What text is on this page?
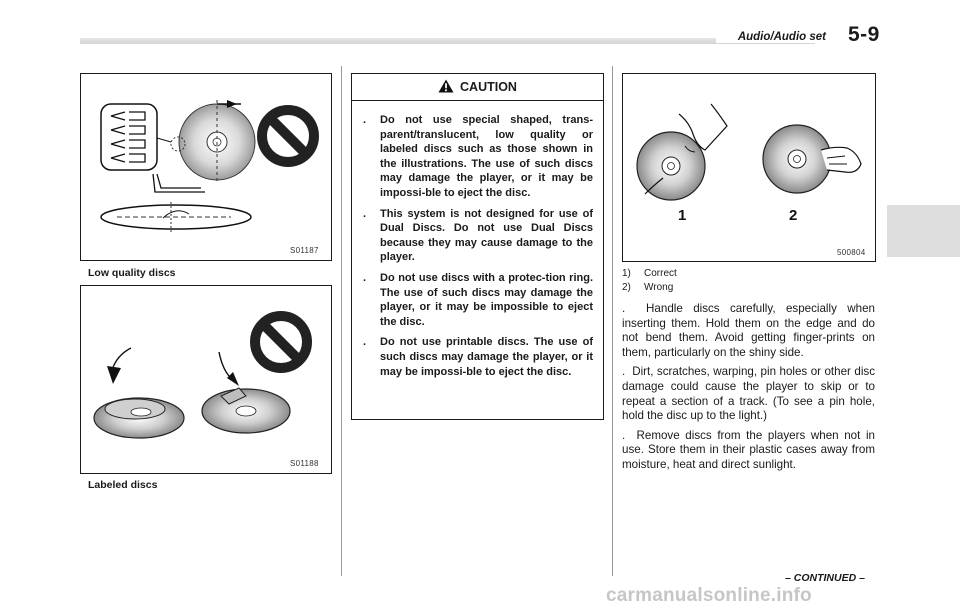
Audio/Audio set 5-9
S01187
Low quality discs
S01188
Labeled discs
CAUTION
. Do not use special shaped, trans-parent/translucent, low quality or labeled discs such as those shown in the illustrations. The use of such discs may damage the player, or it may be impossi-ble to eject the disc.
. This system is not designed for use of Dual Discs. Do not use Dual Discs because they may cause damage to the player.
. Do not use discs with a protec-tion ring. The use of such discs may damage the player, or it may be impossible to eject the disc.
. Do not use printable discs. The use of such discs may damage the player, or it may be impossi-ble to eject the disc.
1	2
500804
1) Correct
2) Wrong

. Handle discs carefully, especially when inserting them. Hold them on the edge and do not bend them. Avoid getting finger-prints on them, particularly on the shiny side.

. Dirt, scratches, warping, pin holes or other disc damage could cause the player to skip or to repeat a section of a track. (To see a pin hole, hold the disc up to the light.)

. Remove discs from the players when not in use. Store them in their plastic cases away from moisture, heat and direct sunlight.

– CONTINUED –
carmanualsonline.info
